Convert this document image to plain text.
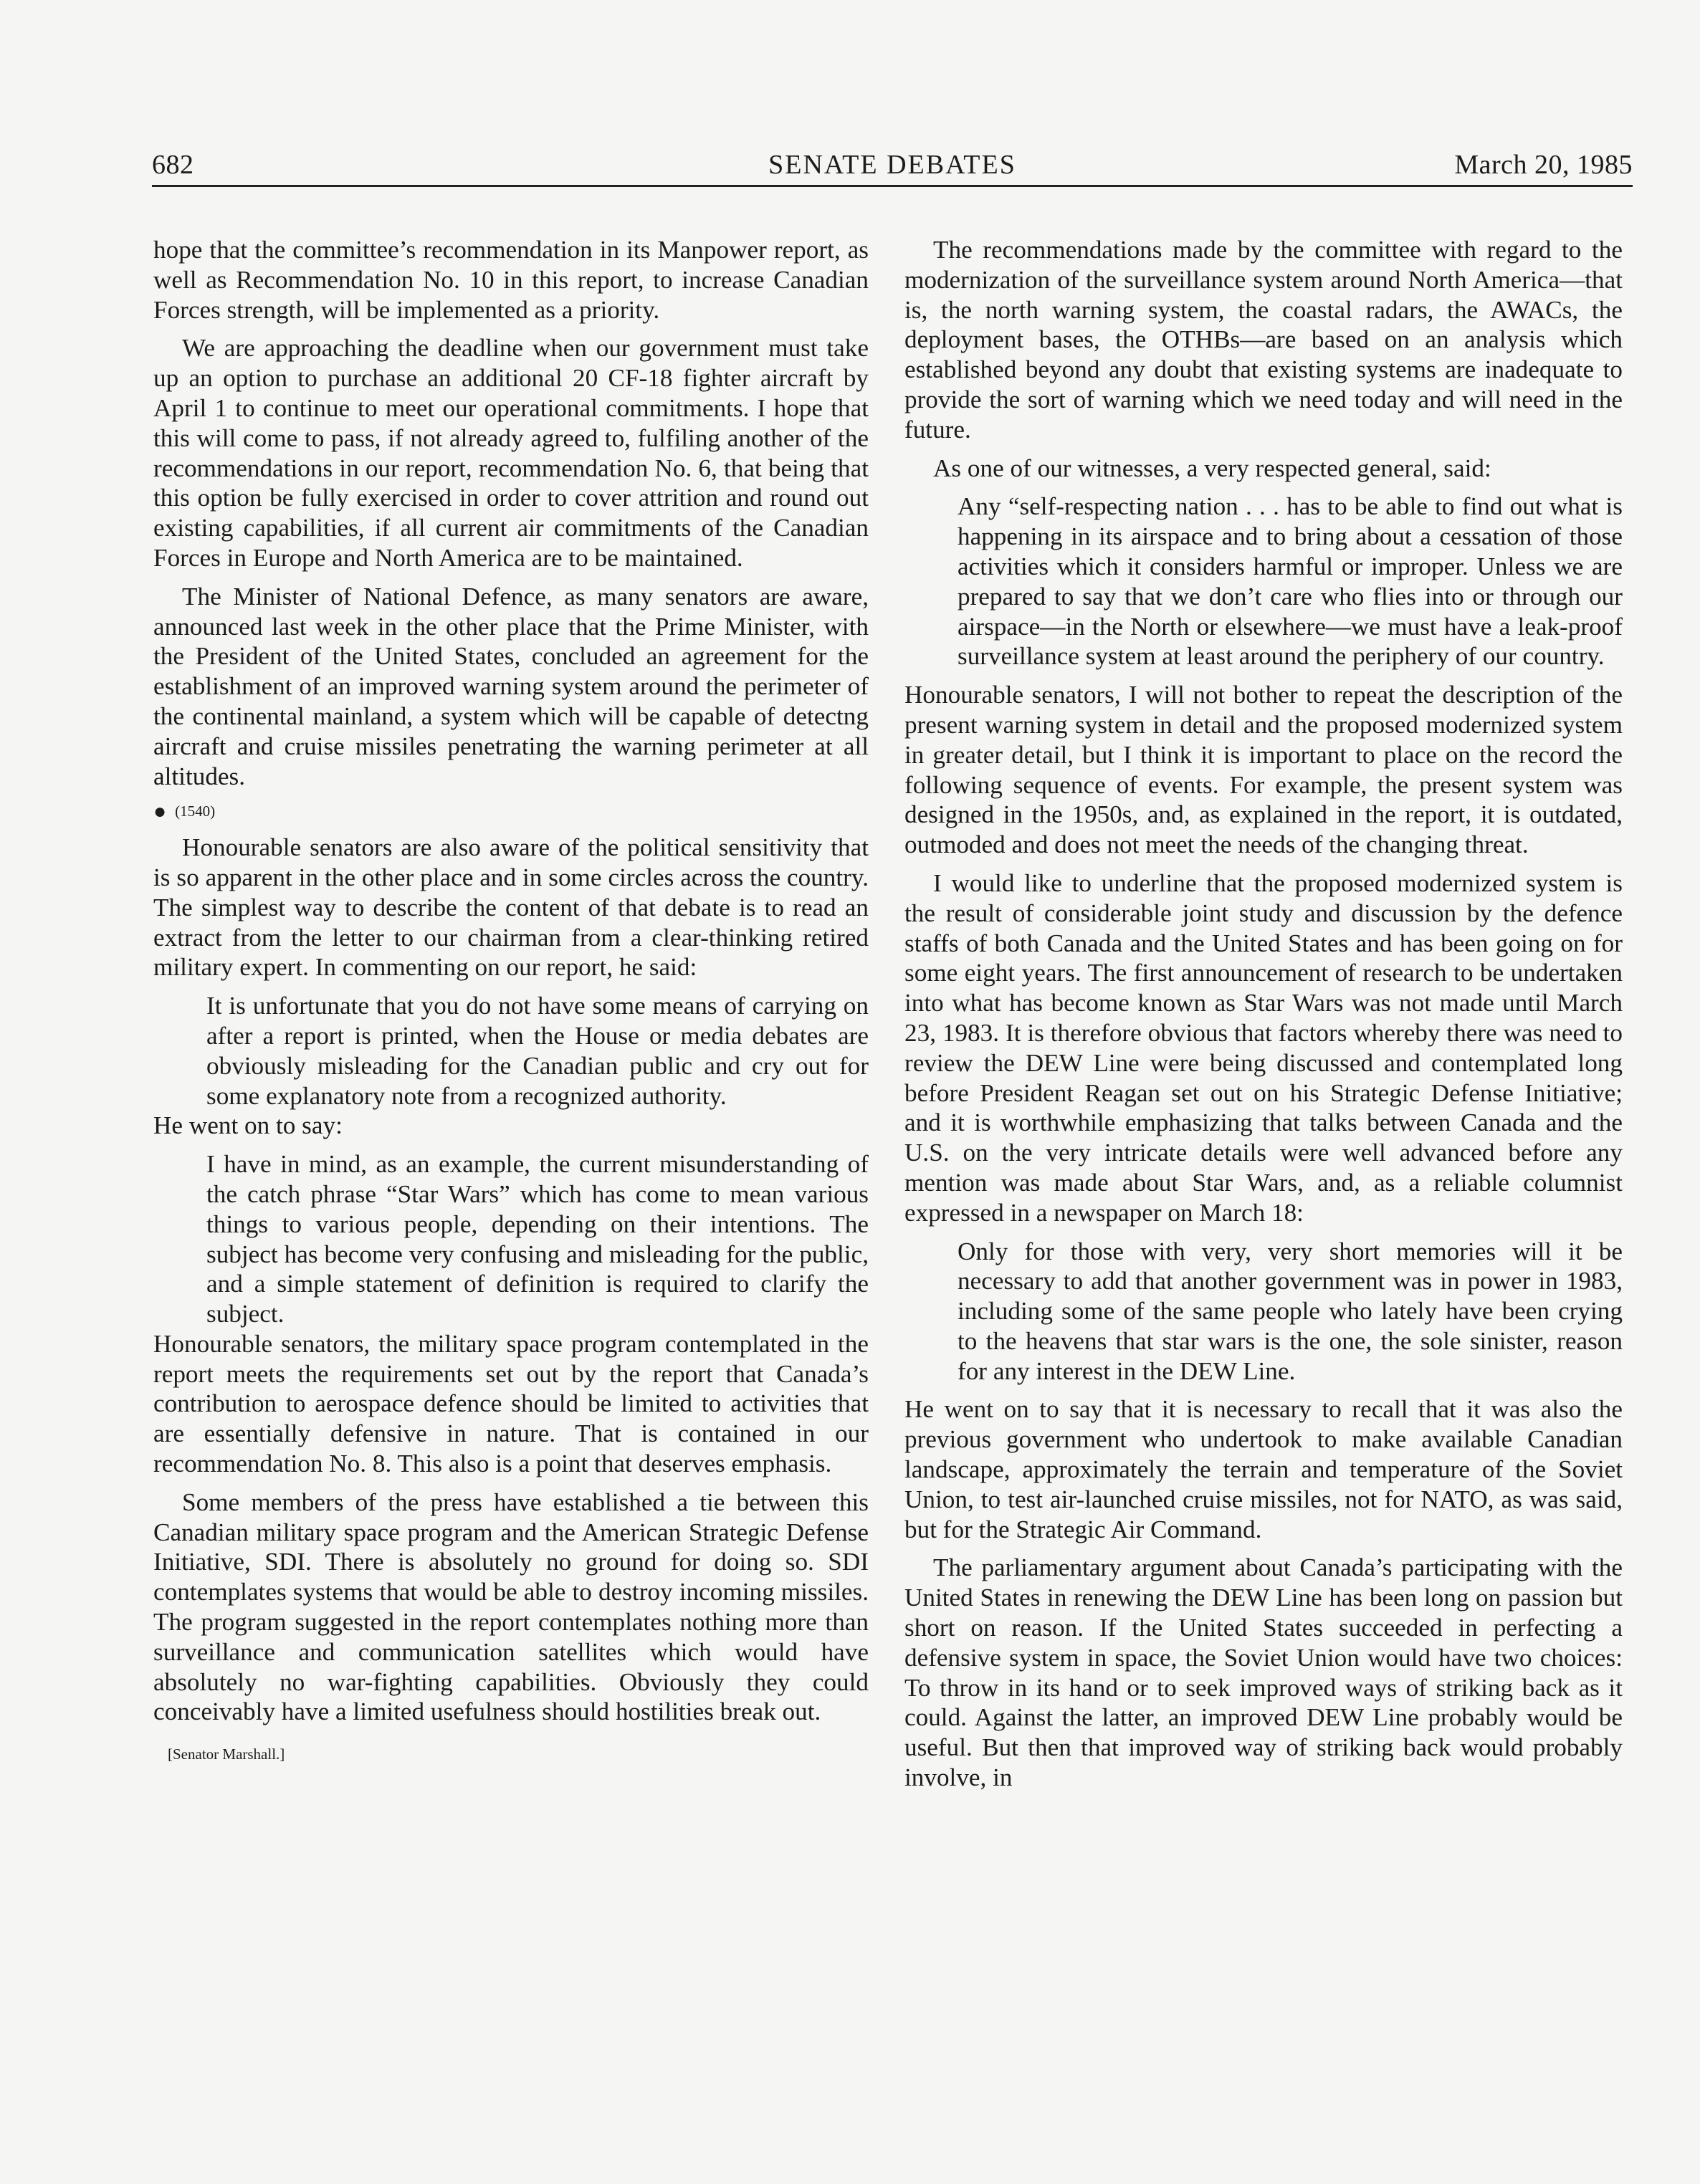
682	SENATE DEBATES	March 20, 1985

hope that the committee’s recommendation in its Manpower report, as well as Recommendation No. 10 in this report, to increase Canadian Forces strength, will be implemented as a priority.

We are approaching the deadline when our government must take up an option to purchase an additional 20 CF-18 fighter aircraft by April 1 to continue to meet our operational commitments. I hope that this will come to pass, if not already agreed to, fulfiling another of the recommendations in our report, recommendation No. 6, that being that this option be fully exercised in order to cover attrition and round out existing capabilities, if all current air commitments of the Canadian Forces in Europe and North America are to be maintained.

The Minister of National Defence, as many senators are aware, announced last week in the other place that the Prime Minister, with the President of the United States, concluded an agreement for the establishment of an improved warning system around the perimeter of the continental mainland, a system which will be capable of detectng aircraft and cruise missiles penetrating the warning perimeter at all altitudes.

● (1540)

Honourable senators are also aware of the political sensitivity that is so apparent in the other place and in some circles across the country. The simplest way to describe the content of that debate is to read an extract from the letter to our chairman from a clear-thinking retired military expert. In commenting on our report, he said:

It is unfortunate that you do not have some means of carrying on after a report is printed, when the House or media debates are obviously misleading for the Canadian public and cry out for some explanatory note from a recognized authority.

He went on to say:

I have in mind, as an example, the current misunderstanding of the catch phrase “Star Wars” which has come to mean various things to various people, depending on their intentions. The subject has become very confusing and misleading for the public, and a simple statement of definition is required to clarify the subject.

Honourable senators, the military space program contemplated in the report meets the requirements set out by the report that Canada’s contribution to aerospace defence should be limited to activities that are essentially defensive in nature. That is contained in our recommendation No. 8. This also is a point that deserves emphasis.

Some members of the press have established a tie between this Canadian military space program and the American Strategic Defense Initiative, SDI. There is absolutely no ground for doing so. SDI contemplates systems that would be able to destroy incoming missiles. The program suggested in the report contemplates nothing more than surveillance and communication satellites which would have absolutely no war-fighting capabilities. Obviously they could conceivably have a limited usefulness should hostilities break out.

[Senator Marshall.]

The recommendations made by the committee with regard to the modernization of the surveillance system around North America—that is, the north warning system, the coastal radars, the AWACs, the deployment bases, the OTHBs—are based on an analysis which established beyond any doubt that existing systems are inadequate to provide the sort of warning which we need today and will need in the future.

As one of our witnesses, a very respected general, said:

Any “self-respecting nation . . . has to be able to find out what is happening in its airspace and to bring about a cessation of those activities which it considers harmful or improper. Unless we are prepared to say that we don’t care who flies into or through our airspace—in the North or elsewhere—we must have a leak-proof surveillance system at least around the periphery of our country.

Honourable senators, I will not bother to repeat the description of the present warning system in detail and the proposed modernized system in greater detail, but I think it is important to place on the record the following sequence of events. For example, the present system was designed in the 1950s, and, as explained in the report, it is outdated, outmoded and does not meet the needs of the changing threat.

I would like to underline that the proposed modernized system is the result of considerable joint study and discussion by the defence staffs of both Canada and the United States and has been going on for some eight years. The first announcement of research to be undertaken into what has become known as Star Wars was not made until March 23, 1983. It is therefore obvious that factors whereby there was need to review the DEW Line were being discussed and contemplated long before President Reagan set out on his Strategic Defense Initiative; and it is worthwhile emphasizing that talks between Canada and the U.S. on the very intricate details were well advanced before any mention was made about Star Wars, and, as a reliable columnist expressed in a newspaper on March 18:

Only for those with very, very short memories will it be necessary to add that another government was in power in 1983, including some of the same people who lately have been crying to the heavens that star wars is the one, the sole sinister, reason for any interest in the DEW Line.

He went on to say that it is necessary to recall that it was also the previous government who undertook to make available Canadian landscape, approximately the terrain and temperature of the Soviet Union, to test air-launched cruise missiles, not for NATO, as was said, but for the Strategic Air Command.

The parliamentary argument about Canada’s participating with the United States in renewing the DEW Line has been long on passion but short on reason. If the United States succeeded in perfecting a defensive system in space, the Soviet Union would have two choices: To throw in its hand or to seek improved ways of striking back as it could. Against the latter, an improved DEW Line probably would be useful. But then that improved way of striking back would probably involve, in
